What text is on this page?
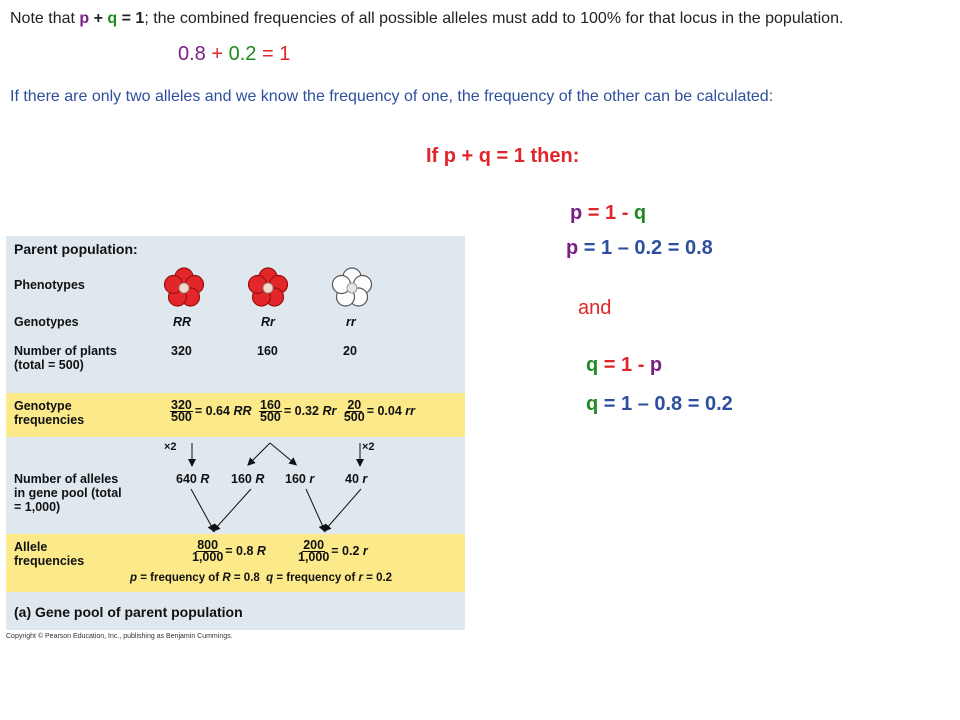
Note that p + q = 1; the combined frequencies of all possible alleles must add to 100% for that locus in the population.
0.8 + 0.2 = 1
If there are only two alleles and we know the frequency of one, the frequency of the other can be calculated:
If p + q = 1 then:
p = 1 - q
p = 1 – 0.2 = 0.8
and
q = 1 - p
q = 1 – 0.8 = 0.2
Parent population:
Phenotypes
Genotypes	RR	Rr	rr
Number of plants (total = 500)
320	160	20
Genotype frequencies	$\frac{320}{500} = 0.64$ RR $\frac{160}{500} = 0.32$ Rr $\frac{20}{500} = 0.04$ rr
×2	×2
Number of alleles in gene pool (total = 1,000)
640 R 160 R 160 r 40 r
Allele frequencies	$\frac{800}{1,000} = 0.8$ R	$\frac{200}{1,000} = 0.2$ r
p = frequency of R = 0.8 q = frequency of r = 0.2
(a) Gene pool of parent population
Copyright © Pearson Education, Inc., publishing as Benjamin Cummings.
